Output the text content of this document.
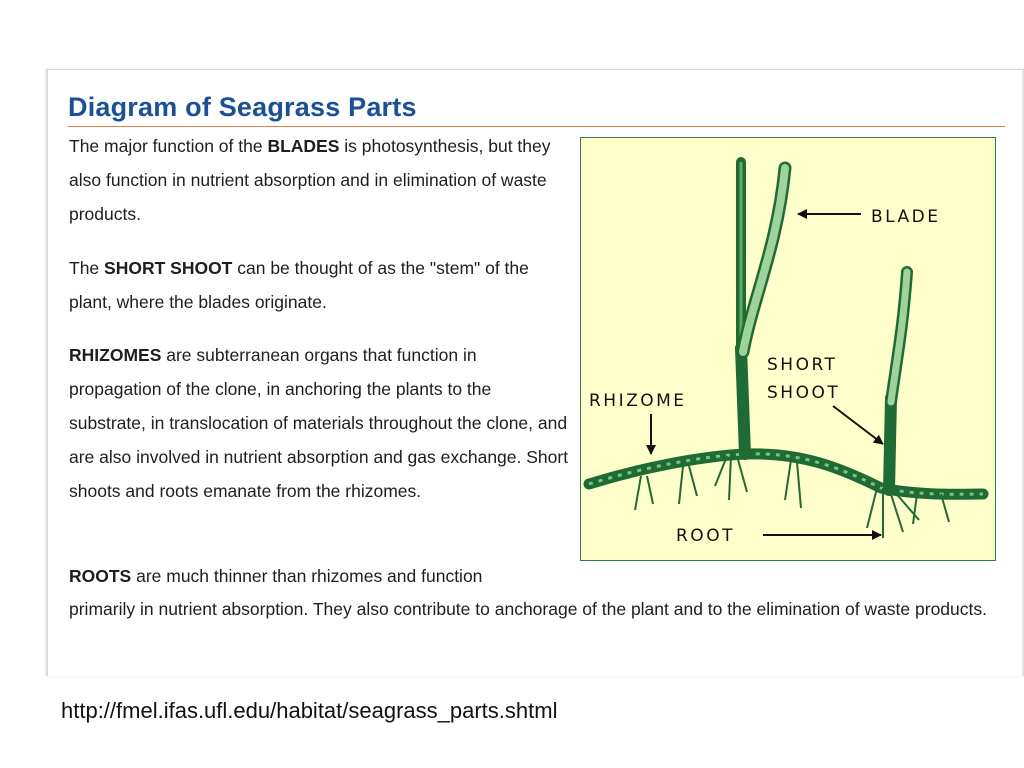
Diagram of Seagrass Parts

The major function of the BLADES is photosynthesis, but they also function in nutrient absorption and in elimination of waste products.

The SHORT SHOOT can be thought of as the "stem" of the plant, where the blades originate.

RHIZOMES are subterranean organs that function in propagation of the clone, in anchoring the plants to the substrate, in translocation of materials throughout the clone, and are also involved in nutrient absorption and gas exchange. Short shoots and roots emanate from the rhizomes.

ROOTS are much thinner than rhizomes and function

primarily in nutrient absorption. They also contribute to anchorage of the plant and to the elimination of waste products.

BLADE
SHORT
SHOOT
RHIZOME
ROOT
http://fmel.ifas.ufl.edu/habitat/seagrass_parts.shtml
